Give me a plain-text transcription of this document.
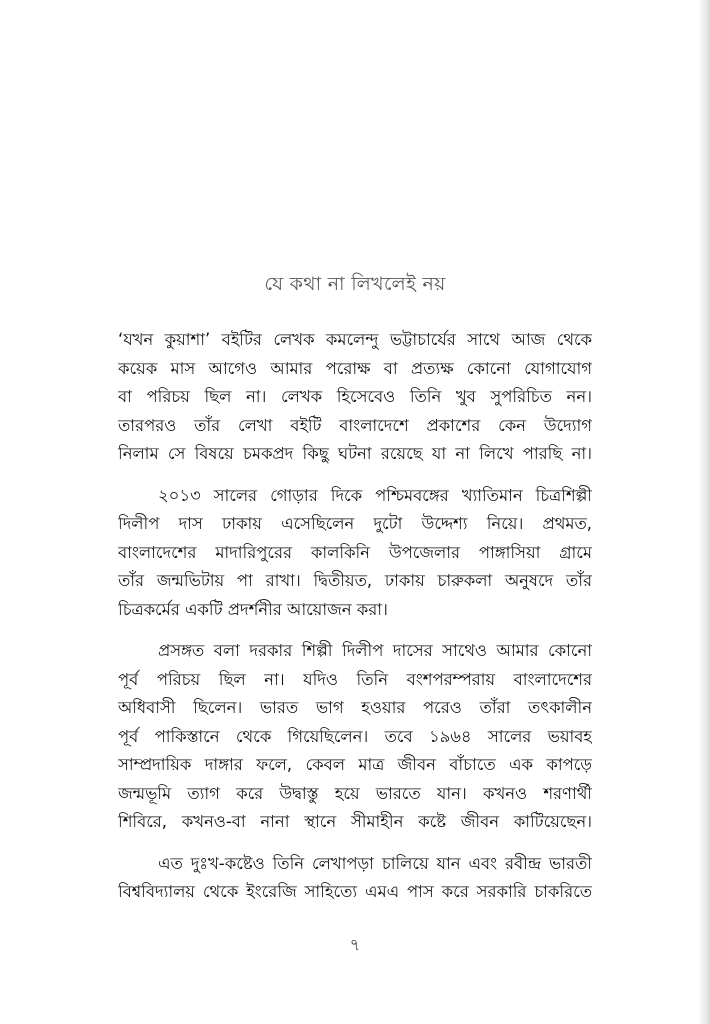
যে কথা না লিখলেই নয়

‘যখন কুয়াশা’ বইটির লেখক কমলেন্দু ভট্টাচার্যের সাথে আজ থেকে
কয়েক মাস আগেও আমার পরোক্ষ বা প্রত্যক্ষ কোনো যোগাযোগ
বা পরিচয় ছিল না। লেখক হিসেবেও তিনি খুব সুপরিচিত নন।
তারপরও তাঁর লেখা বইটি বাংলাদেশে প্রকাশের কেন উদ্যোগ
নিলাম সে বিষয়ে চমকপ্রদ কিছু ঘটনা রয়েছে যা না লিখে পারছি না।

২০১৩ সালের গোড়ার দিকে পশ্চিমবঙ্গের খ্যাতিমান চিত্রশিল্পী
দিলীপ দাস ঢাকায় এসেছিলেন দুটো উদ্দেশ্য নিয়ে। প্রথমত,
বাংলাদেশের মাদারিপুরের কালকিনি উপজেলার পাঙ্গাসিয়া গ্রামে
তাঁর জন্মভিটায় পা রাখা। দ্বিতীয়ত, ঢাকায় চারুকলা অনুষদে তাঁর
চিত্রকর্মের একটি প্রদর্শনীর আয়োজন করা।

প্রসঙ্গত বলা দরকার শিল্পী দিলীপ দাসের সাথেও আমার কোনো
পূর্ব পরিচয় ছিল না। যদিও তিনি বংশপরম্পরায় বাংলাদেশের
অধিবাসী ছিলেন। ভারত ভাগ হওয়ার পরেও তাঁরা তৎকালীন
পূর্ব পাকিস্তানে থেকে গিয়েছিলেন। তবে ১৯৬৪ সালের ভয়াবহ
সাম্প্রদায়িক দাঙ্গার ফলে, কেবল মাত্র জীবন বাঁচাতে এক কাপড়ে
জন্মভূমি ত্যাগ করে উদ্বাস্তু হয়ে ভারতে যান। কখনও শরণার্থী
শিবিরে, কখনও-বা নানা স্থানে সীমাহীন কষ্টে জীবন কাটিয়েছেন।

এত দুঃখ-কষ্টেও তিনি লেখাপড়া চালিয়ে যান এবং রবীন্দ্র ভারতী
বিশ্ববিদ্যালয় থেকে ইংরেজি সাহিত্যে এমএ পাস করে সরকারি চাকরিতে

৭
